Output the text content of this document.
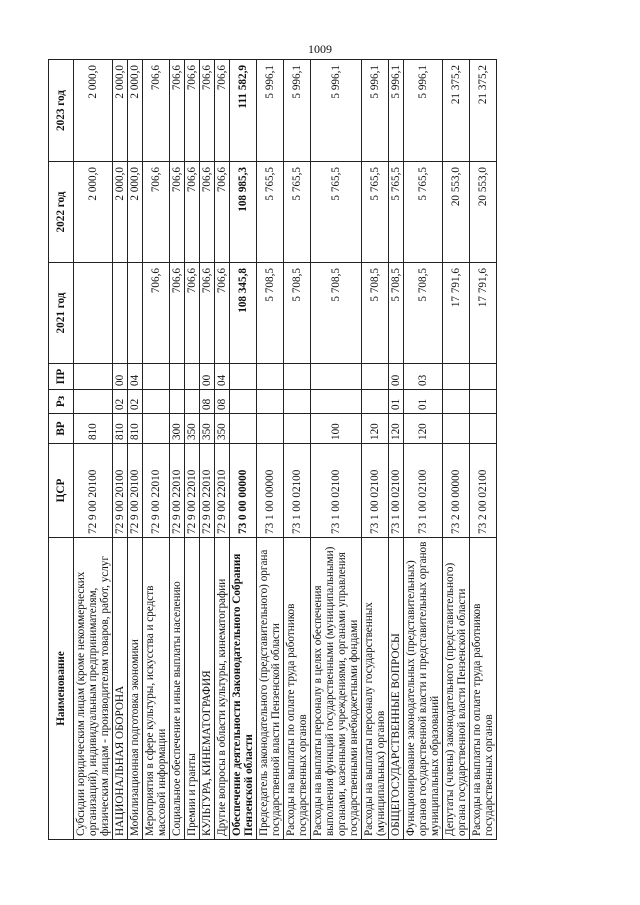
1009
Наименование	ЦСР	ВР	Рз	ПР	2021 год	2022 год	2023 год
Субсидии юридическим лицам (кроме некоммерческих организаций), индивидуальным предпринимателям, физическим лицам - производителям товаров, работ, услуг	72 9 00 20100	810				2 000,0	2 000,0
НАЦИОНАЛЬНАЯ ОБОРОНА	72 9 00 20100	810	02	00		2 000,0	2 000,0
Мобилизационная подготовка экономики	72 9 00 20100	810	02	04		2 000,0	2 000,0
Мероприятия в сфере культуры, искусства и средств массовой информации	72 9 00 22010				706,6	706,6	706,6
Социальное обеспечение и иные выплаты населению	72 9 00 22010	300			706,6	706,6	706,6
Премии и гранты	72 9 00 22010	350			706,6	706,6	706,6
КУЛЬТУРА, КИНЕМАТОГРАФИЯ	72 9 00 22010	350	08	00	706,6	706,6	706,6
Другие вопросы в области культуры, кинематографии	72 9 00 22010	350	08	04	706,6	706,6	706,6
Обеспечение деятельности Законодательного Собрания Пензенской области	73 0 00 00000				108 345,8	108 985,3	111 582,9
Председатель законодательного (представительного) органа государственной власти Пензенской области	73 1 00 00000				5 708,5	5 765,5	5 996,1
Расходы на выплаты по оплате труда работников государственных органов	73 1 00 02100				5 708,5	5 765,5	5 996,1
Расходы на выплаты персоналу в целях обеспечения выполнения функций государственными (муниципальными) органами, казенными учреждениями, органами управления государственными внебюджетными фондами	73 1 00 02100	100			5 708,5	5 765,5	5 996,1
Расходы на выплаты персоналу государственных (муниципальных) органов	73 1 00 02100	120			5 708,5	5 765,5	5 996,1
ОБЩЕГОСУДАРСТВЕННЫЕ ВОПРОСЫ	73 1 00 02100	120	01	00	5 708,5	5 765,5	5 996,1
Функционирование законодательных (представительных) органов государственной власти и представительных органов муниципальных образований	73 1 00 02100	120	01	03	5 708,5	5 765,5	5 996,1
Депутаты (члены) законодательного (представительного) органа государственной власти Пензенской области	73 2 00 00000				17 791,6	20 553,0	21 375,2
Расходы на выплаты по оплате труда работников государственных органов	73 2 00 02100				17 791,6	20 553,0	21 375,2
